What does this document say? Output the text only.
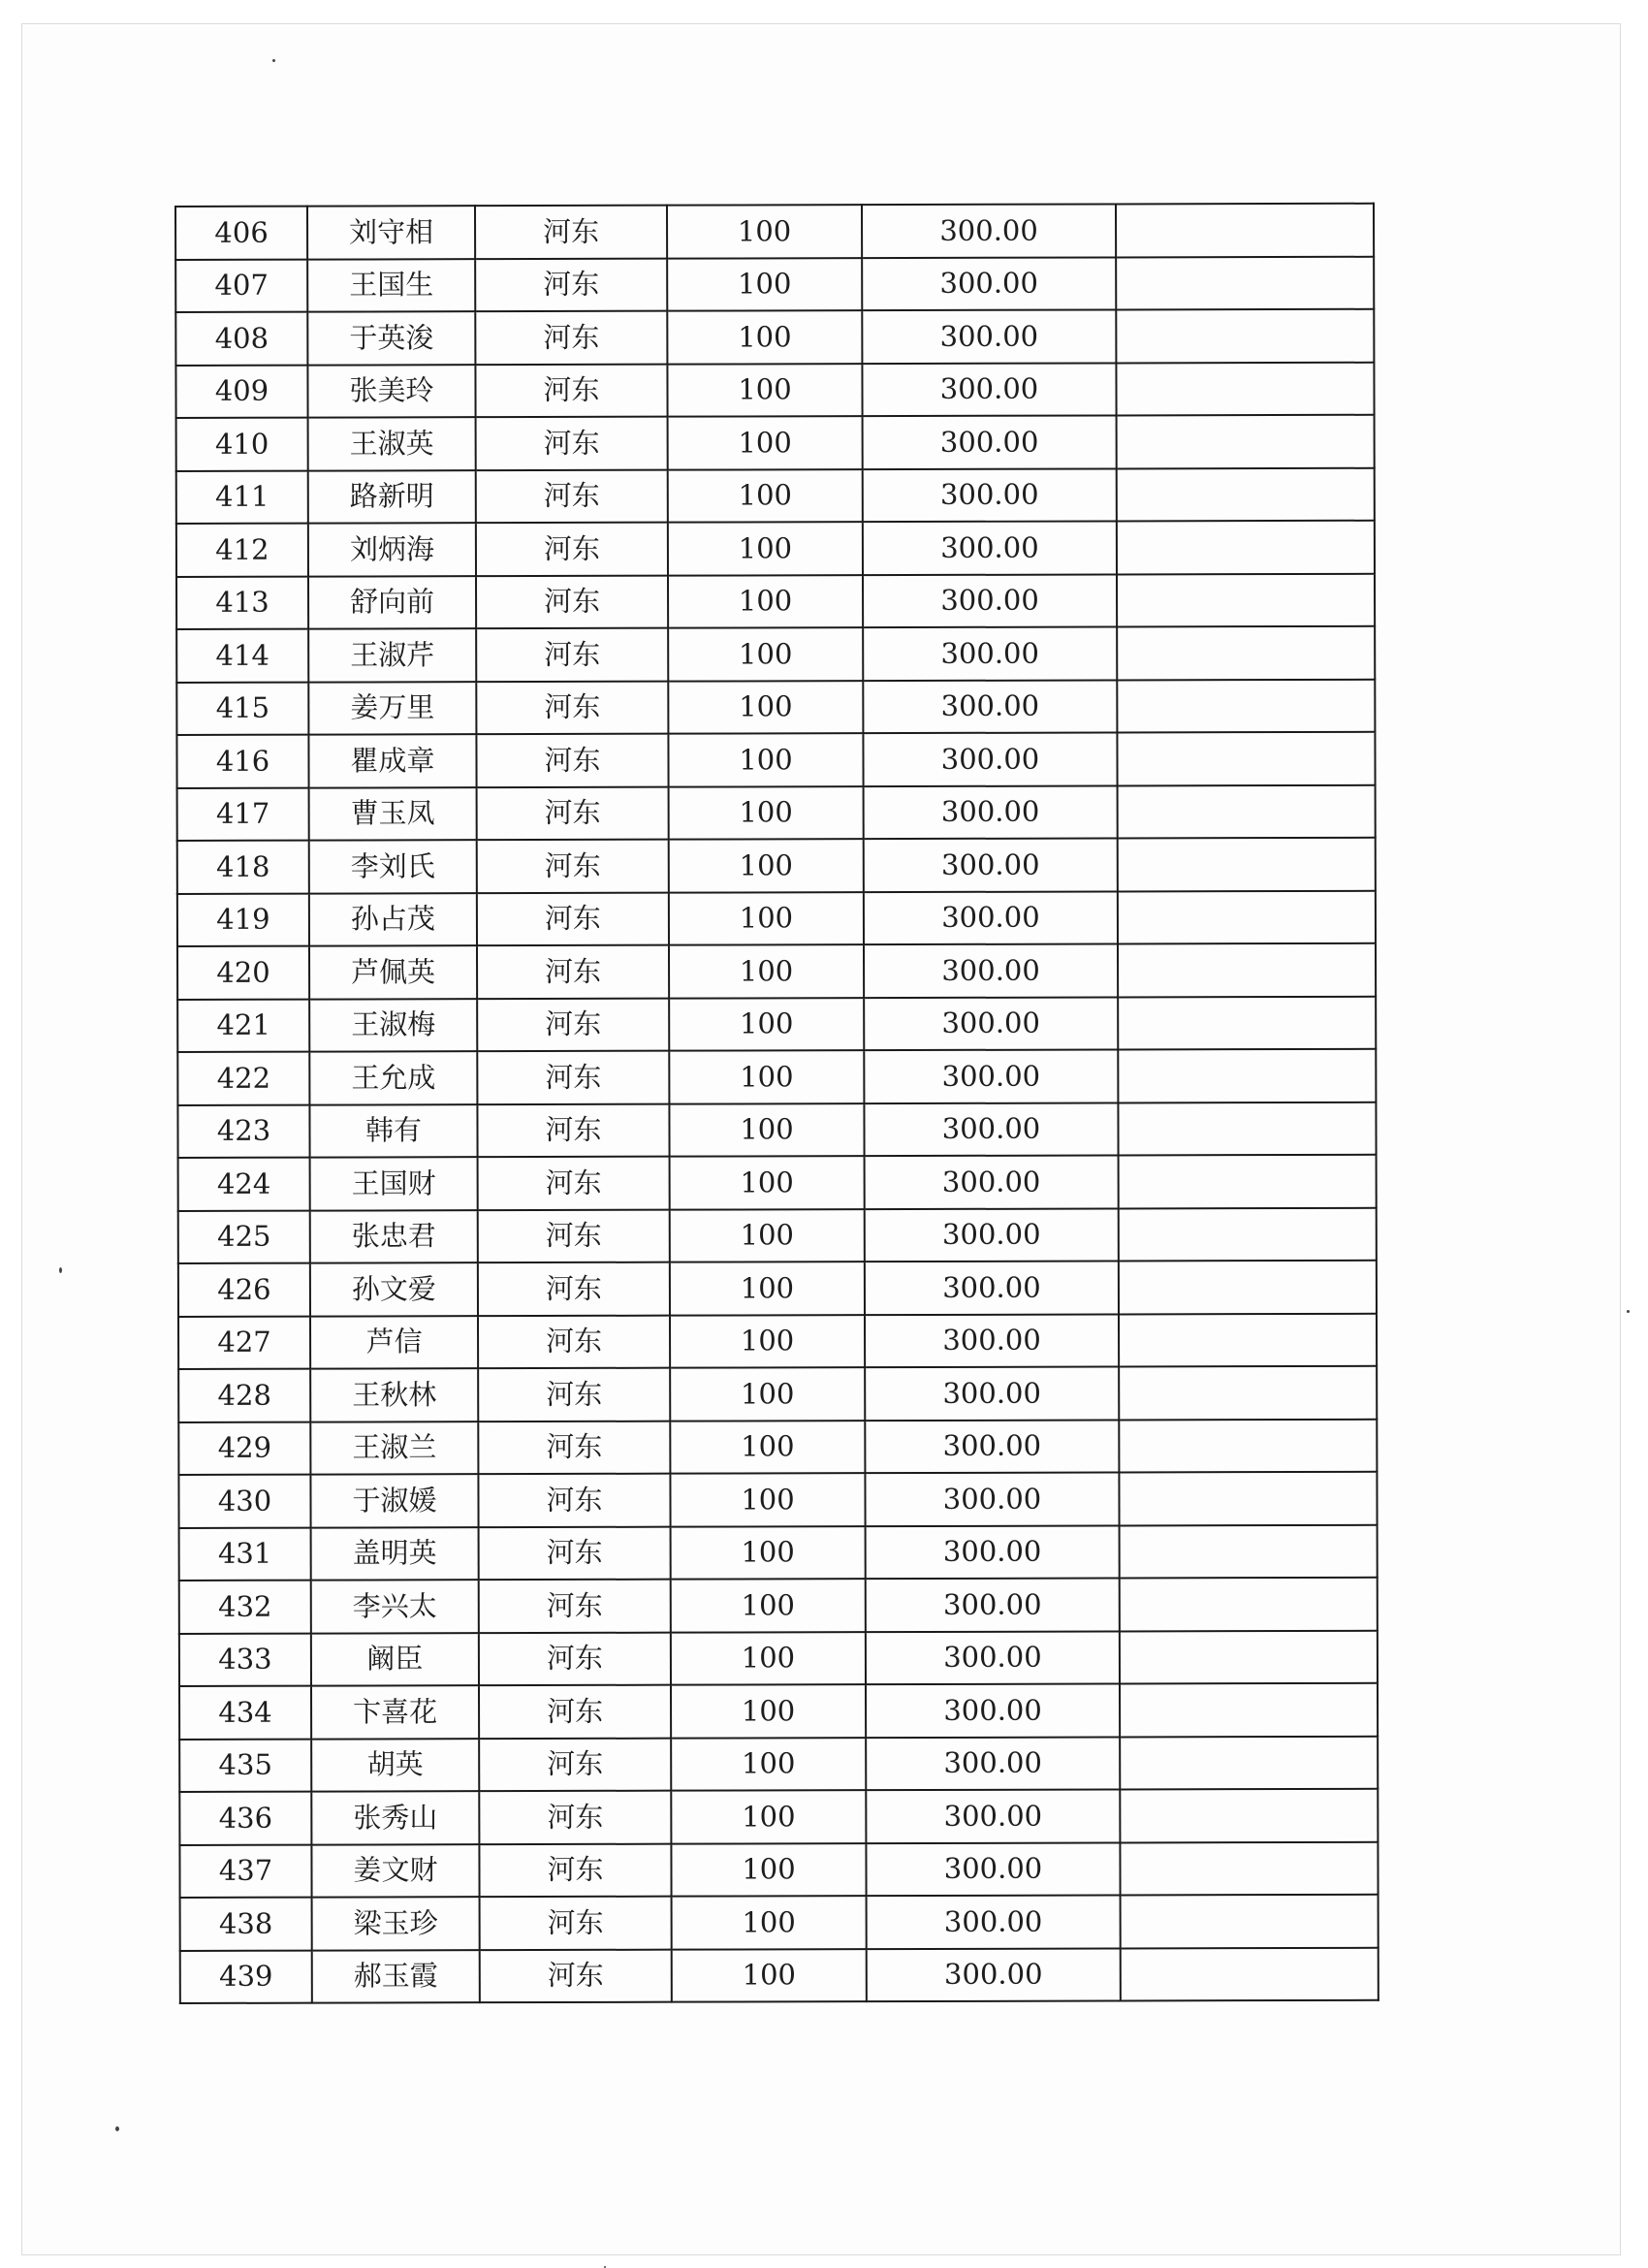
406	刘守相	河东	100	300.00	
407	王国生	河东	100	300.00	
408	于英浚	河东	100	300.00	
409	张美玲	河东	100	300.00	
410	王淑英	河东	100	300.00	
411	路新明	河东	100	300.00	
412	刘炳海	河东	100	300.00	
413	舒向前	河东	100	300.00	
414	王淑芹	河东	100	300.00	
415	姜万里	河东	100	300.00	
416	瞿成章	河东	100	300.00	
417	曹玉凤	河东	100	300.00	
418	李刘氏	河东	100	300.00	
419	孙占茂	河东	100	300.00	
420	芦佩英	河东	100	300.00	
421	王淑梅	河东	100	300.00	
422	王允成	河东	100	300.00	
423	韩有	河东	100	300.00	
424	王国财	河东	100	300.00	
425	张忠君	河东	100	300.00	
426	孙文爱	河东	100	300.00	
427	芦信	河东	100	300.00	
428	王秋林	河东	100	300.00	
429	王淑兰	河东	100	300.00	
430	于淑媛	河东	100	300.00	
431	盖明英	河东	100	300.00	
432	李兴太	河东	100	300.00	
433	阚臣	河东	100	300.00	
434	卞喜花	河东	100	300.00	
435	胡英	河东	100	300.00	
436	张秀山	河东	100	300.00	
437	姜文财	河东	100	300.00	
438	梁玉珍	河东	100	300.00	
439	郝玉霞	河东	100	300.00	
